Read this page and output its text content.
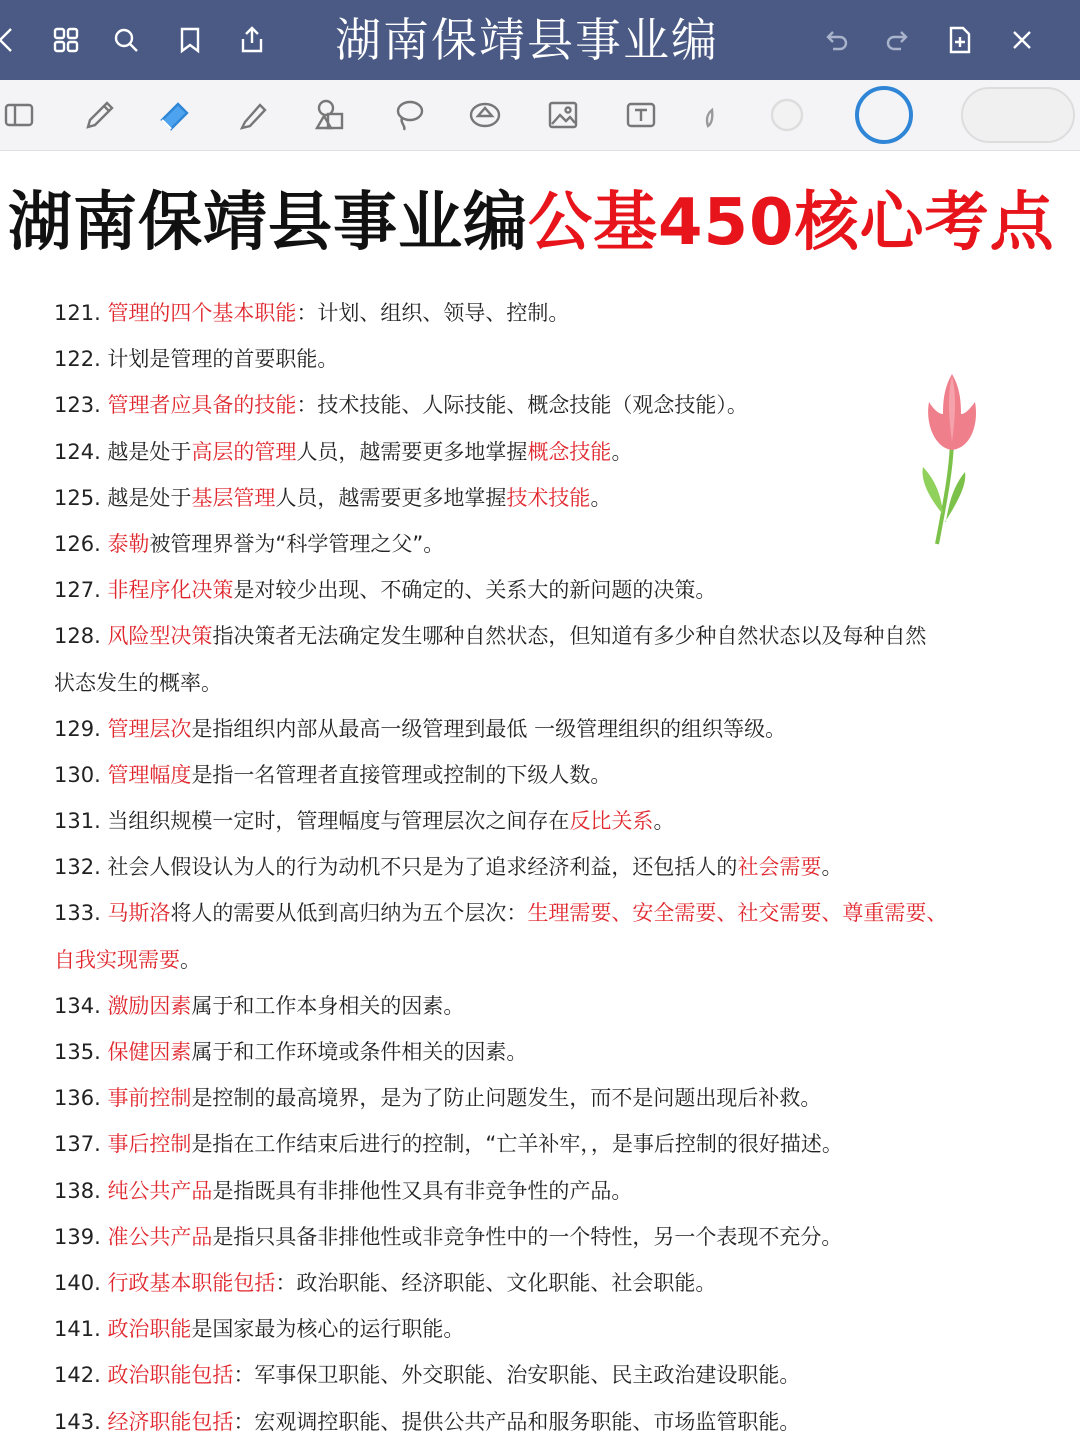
湖南保靖县事业编
湖南保靖县事业编公基450核心考点
121. 管理的四个基本职能：计划、组织、领导、控制。
122. 计划是管理的首要职能。
123. 管理者应具备的技能：技术技能、人际技能、概念技能（观念技能）。
124. 越是处于高层的管理人员，越需要更多地掌握概念技能。
125. 越是处于基层管理人员，越需要更多地掌握技术技能。
126. 泰勒被管理界誉为“科学管理之父”。
127. 非程序化决策是对较少出现、不确定的、关系大的新问题的决策。
128. 风险型决策指决策者无法确定发生哪种自然状态，但知道有多少种自然状态以及每种自然
状态发生的概率。
129. 管理层次是指组织内部从最高一级管理到最低 一级管理组织的组织等级。
130. 管理幅度是指一名管理者直接管理或控制的下级人数。
131. 当组织规模一定时，管理幅度与管理层次之间存在反比关系。
132. 社会人假设认为人的行为动机不只是为了追求经济利益，还包括人的社会需要。
133. 马斯洛将人的需要从低到高归纳为五个层次：生理需要、安全需要、社交需要、尊重需要、
自我实现需要。
134. 激励因素属于和工作本身相关的因素。
135. 保健因素属于和工作环境或条件相关的因素。
136. 事前控制是控制的最高境界，是为了防止问题发生，而不是问题出现后补救。
137. 事后控制是指在工作结束后进行的控制，“亡羊补牢，，是事后控制的很好描述。
138. 纯公共产品是指既具有非排他性又具有非竞争性的产品。
139. 准公共产品是指只具备非排他性或非竞争性中的一个特性，另一个表现不充分。
140. 行政基本职能包括：政治职能、经济职能、文化职能、社会职能。
141. 政治职能是国家最为核心的运行职能。
142. 政治职能包括：军事保卫职能、外交职能、治安职能、民主政治建设职能。
143. 经济职能包括：宏观调控职能、提供公共产品和服务职能、市场监管职能。
